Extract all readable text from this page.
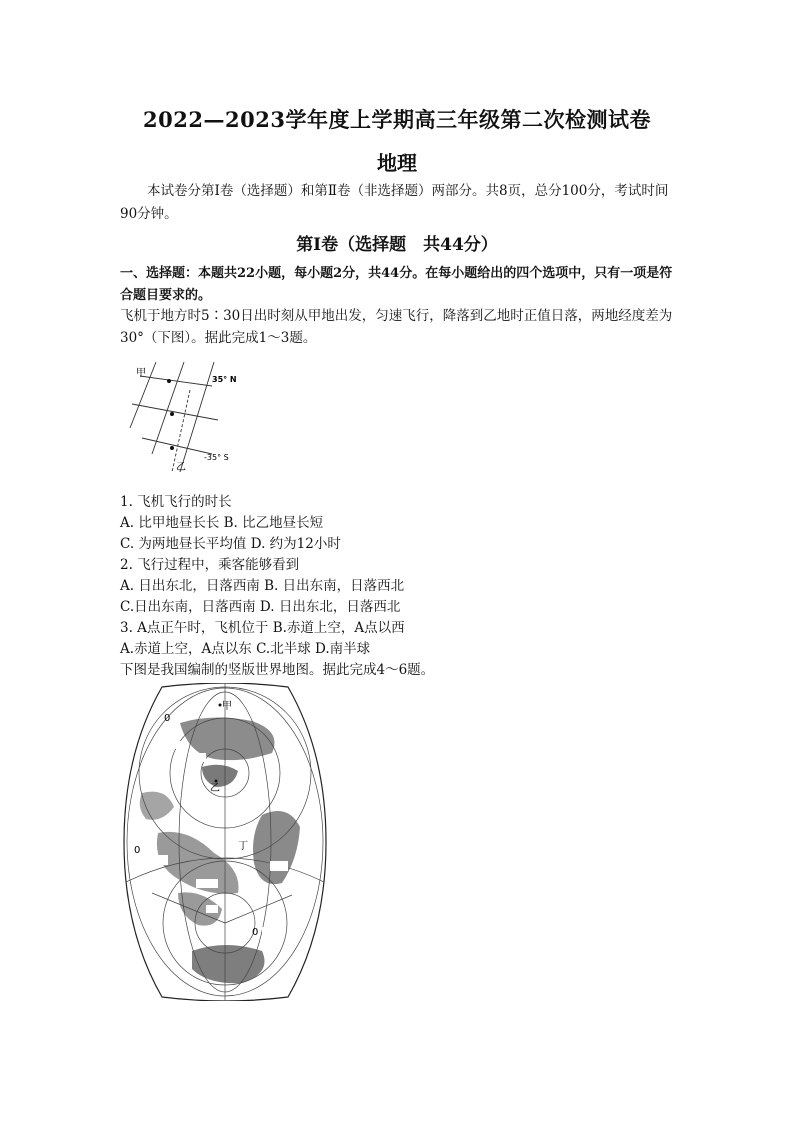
2022—2023学年度上学期高三年级第二次检测试卷
地理
本试卷分第Ⅰ卷（选择题）和第Ⅱ卷（非选择题）两部分。共8页，总分100分，考试时间90分钟。
第Ⅰ卷（选择题　共44分）
一、选择题：本题共22小题，每小题2分，共44分。在每小题给出的四个选项中，只有一项是符合题目要求的。
飞机于地方时5∶30日出时刻从甲地出发，匀速飞行，降落到乙地时正值日落，两地经度差为30°（下图）。据此完成1～3题。
甲
35° N
乙
-35° S
1. 飞机飞行的时长
A. 比甲地昼长长 B. 比乙地昼长短
C. 为两地昼长平均值 D. 约为12小时
2. 飞行过程中，乘客能够看到
A. 日出东北，日落西南 B. 日出东南，日落西北
C.日出东南，日落西南 D. 日出东北，日落西北
3. A点正午时，飞机位于 B.赤道上空，A点以西
A.赤道上空，A点以东 C.北半球 D.南半球
下图是我国编制的竖版世界地图。据此完成4～6题。
甲
乙
丁
0
0
0
